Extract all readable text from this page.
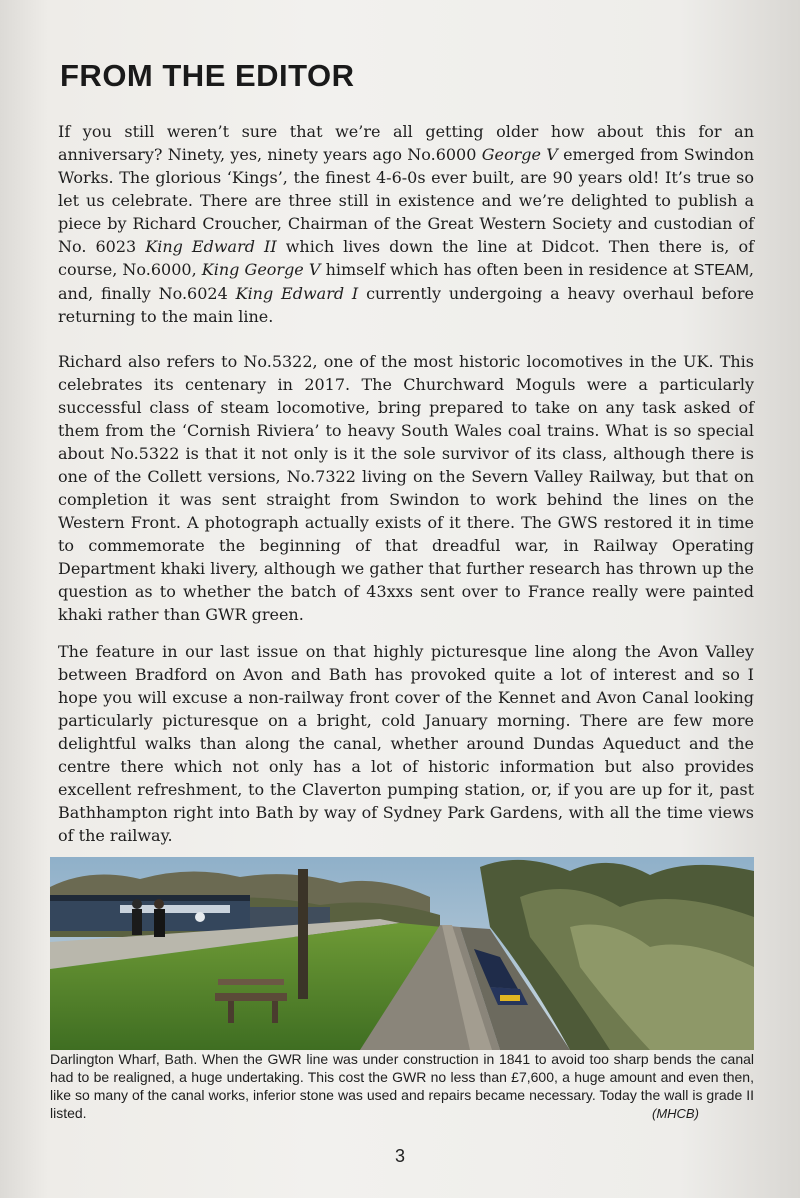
FROM THE EDITOR

If you still weren’t sure that we’re all getting older how about this for an anniversary? Ninety, yes, ninety years ago No.6000 George V emerged from Swindon Works. The glorious ‘Kings’, the finest 4-6-0s ever built, are 90 years old! It’s true so let us celebrate. There are three still in existence and we’re delighted to publish a piece by Richard Croucher, Chairman of the Great Western Society and custodian of No. 6023 King Edward II which lives down the line at Didcot. Then there is, of course, No.6000, King George V himself which has often been in residence at STEAM, and, finally No.6024 King Edward I currently undergoing a heavy overhaul before returning to the main line.

Richard also refers to No.5322, one of the most historic locomotives in the UK. This celebrates its centenary in 2017. The Churchward Moguls were a particularly successful class of steam locomotive, bring prepared to take on any task asked of them from the ‘Cornish Riviera’ to heavy South Wales coal trains. What is so special about No.5322 is that it not only is it the sole survivor of its class, although there is one of the Collett versions, No.7322 living on the Severn Valley Railway, but that on completion it was sent straight from Swindon to work behind the lines on the Western Front. A photograph actually exists of it there. The GWS restored it in time to commemorate the beginning of that dreadful war, in Railway Operating Department khaki livery, although we gather that further research has thrown up the question as to whether the batch of 43xxs sent over to France really were painted khaki rather than GWR green.

The feature in our last issue on that highly picturesque line along the Avon Valley between Bradford on Avon and Bath has provoked quite a lot of interest and so I hope you will excuse a non-railway front cover of the Kennet and Avon Canal looking particularly picturesque on a bright, cold January morning. There are few more delightful walks than along the canal, whether around Dundas Aqueduct and the centre there which not only has a lot of historic information but also provides excellent refreshment, to the Claverton pumping station, or, if you are up for it, past Bathhampton right into Bath by way of Sydney Park Gardens, with all the time views of the railway.

Darlington Wharf, Bath. When the GWR line was under construction in 1841 to avoid too sharp bends the canal had to be realigned, a huge undertaking. This cost the GWR no less than £7,600, a huge amount and even then, like so many of the canal works, inferior stone was used and repairs became necessary. Today the wall is grade II listed.	(MHCB)
3
